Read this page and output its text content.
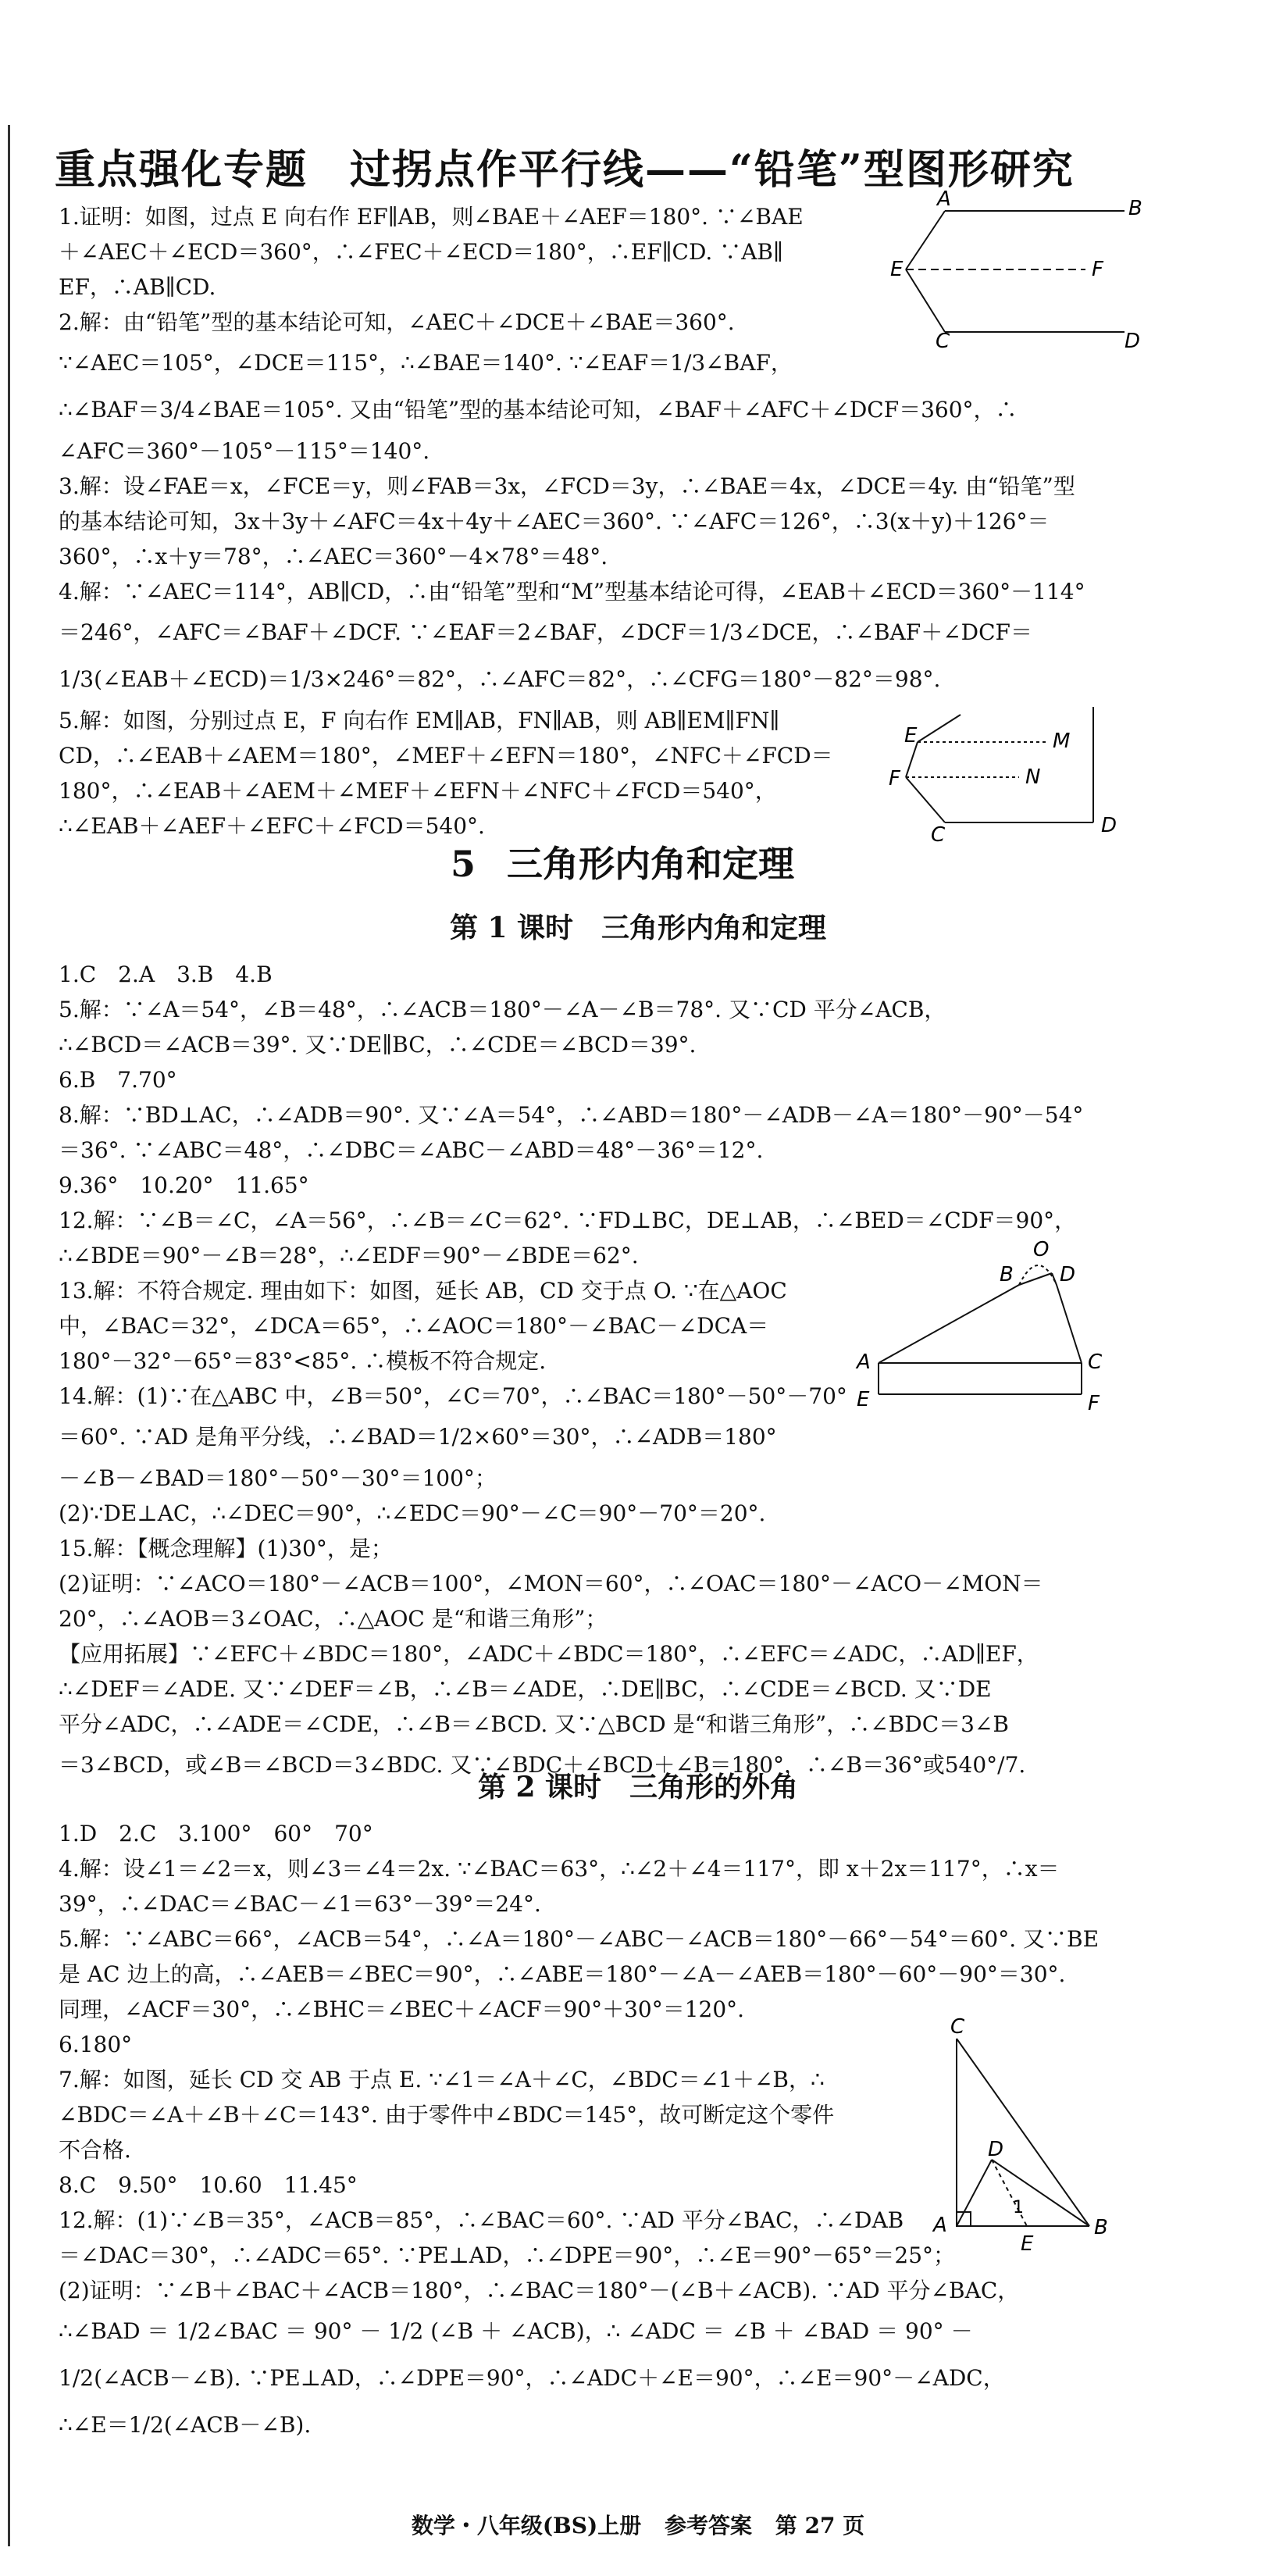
重点强化专题　过拐点作平行线——“铅笔”型图形研究
1.证明：如图，过点 E 向右作 EF∥AB，则∠BAE＋∠AEF＝180°. ∵∠BAE
＋∠AEC＋∠ECD＝360°，∴∠FEC＋∠ECD＝180°，∴EF∥CD. ∵AB∥
EF，∴AB∥CD.
2.解：由“铅笔”型的基本结论可知，∠AEC＋∠DCE＋∠BAE＝360°.
∵∠AEC＝105°，∠DCE＝115°，∴∠BAE＝140°. ∵∠EAF＝1/3∠BAF，
∴∠BAF＝3/4∠BAE＝105°. 又由“铅笔”型的基本结论可知，∠BAF＋∠AFC＋∠DCF＝360°，∴
∠AFC＝360°－105°－115°＝140°.
3.解：设∠FAE＝x，∠FCE＝y，则∠FAB＝3x，∠FCD＝3y，∴∠BAE＝4x，∠DCE＝4y. 由“铅笔”型
的基本结论可知，3x＋3y＋∠AFC＝4x＋4y＋∠AEC＝360°. ∵∠AFC＝126°，∴3(x＋y)＋126°＝
360°，∴x＋y＝78°，∴∠AEC＝360°－4×78°＝48°.
4.解：∵∠AEC＝114°，AB∥CD，∴由“铅笔”型和“M”型基本结论可得，∠EAB＋∠ECD＝360°－114°
＝246°，∠AFC＝∠BAF＋∠DCF. ∵∠EAF＝2∠BAF，∠DCF＝1/3∠DCE，∴∠BAF＋∠DCF＝
1/3(∠EAB＋∠ECD)＝1/3×246°＝82°，∴∠AFC＝82°，∴∠CFG＝180°－82°＝98°.
5.解：如图，分别过点 E，F 向右作 EM∥AB，FN∥AB，则 AB∥EM∥FN∥
CD，∴∠EAB＋∠AEM＝180°，∠MEF＋∠EFN＝180°，∠NFC＋∠FCD＝
180°，∴∠EAB＋∠AEM＋∠MEF＋∠EFN＋∠NFC＋∠FCD＝540°，
∴∠EAB＋∠AEF＋∠EFC＋∠FCD＝540°.
A	B
E	F
C	D
E	M
F	N
C	D
5 三角形内角和定理
第 1 课时　三角形内角和定理
1.C　2.A　3.B　4.B
5.解：∵∠A＝54°，∠B＝48°，∴∠ACB＝180°－∠A－∠B＝78°. 又∵CD 平分∠ACB，
∴∠BCD＝∠ACB＝39°. 又∵DE∥BC，∴∠CDE＝∠BCD＝39°.
6.B　7.70°
8.解：∵BD⊥AC，∴∠ADB＝90°. 又∵∠A＝54°，∴∠ABD＝180°－∠ADB－∠A＝180°－90°－54°
＝36°. ∵∠ABC＝48°，∴∠DBC＝∠ABC－∠ABD＝48°－36°＝12°.
9.36°　10.20°　11.65°
12.解：∵∠B＝∠C，∠A＝56°，∴∠B＝∠C＝62°. ∵FD⊥BC，DE⊥AB，∴∠BED＝∠CDF＝90°，
∴∠BDE＝90°－∠B＝28°，∴∠EDF＝90°－∠BDE＝62°.
13.解：不符合规定. 理由如下：如图，延长 AB，CD 交于点 O. ∵在△AOC
中，∠BAC＝32°，∠DCA＝65°，∴∠AOC＝180°－∠BAC－∠DCA＝
180°－32°－65°＝83°<85°. ∴模板不符合规定.
14.解：(1)∵在△ABC 中，∠B＝50°，∠C＝70°，∴∠BAC＝180°－50°－70°
＝60°. ∵AD 是角平分线，∴∠BAD＝1/2×60°＝30°，∴∠ADB＝180°
－∠B－∠BAD＝180°－50°－30°＝100°；
(2)∵DE⊥AC，∴∠DEC＝90°，∴∠EDC＝90°－∠C＝90°－70°＝20°.
15.解：【概念理解】(1)30°，是；
(2)证明：∵∠ACO＝180°－∠ACB＝100°，∠MON＝60°，∴∠OAC＝180°－∠ACO－∠MON＝
20°，∴∠AOB＝3∠OAC，∴△AOC 是“和谐三角形”；
【应用拓展】∵∠EFC＋∠BDC＝180°，∠ADC＋∠BDC＝180°，∴∠EFC＝∠ADC，∴AD∥EF，
∴∠DEF＝∠ADE. 又∵∠DEF＝∠B，∴∠B＝∠ADE，∴DE∥BC，∴∠CDE＝∠BCD. 又∵DE
平分∠ADC，∴∠ADE＝∠CDE，∴∠B＝∠BCD. 又∵△BCD 是“和谐三角形”，∴∠BDC＝3∠B
＝3∠BCD，或∠B＝∠BCD＝3∠BDC. 又∵∠BDC＋∠BCD＋∠B＝180°，∴∠B＝36°或540°/7.
B
O
D
A	C
E	F
第 2 课时　三角形的外角
1.D　2.C　3.100°　60°　70°
4.解：设∠1＝∠2＝x，则∠3＝∠4＝2x. ∵∠BAC＝63°，∴∠2＋∠4＝117°，即 x＋2x＝117°，∴x＝
39°，∴∠DAC＝∠BAC－∠1＝63°－39°＝24°.
5.解：∵∠ABC＝66°，∠ACB＝54°，∴∠A＝180°－∠ABC－∠ACB＝180°－66°－54°＝60°. 又∵BE
是 AC 边上的高，∴∠AEB＝∠BEC＝90°，∴∠ABE＝180°－∠A－∠AEB＝180°－60°－90°＝30°.
同理，∠ACF＝30°，∴∠BHC＝∠BEC＋∠ACF＝90°＋30°＝120°.
6.180°
7.解：如图，延长 CD 交 AB 于点 E. ∵∠1＝∠A＋∠C，∠BDC＝∠1＋∠B，∴
∠BDC＝∠A＋∠B＋∠C＝143°. 由于零件中∠BDC＝145°，故可断定这个零件
不合格.
8.C　9.50°　10.60　11.45°
12.解：(1)∵∠B＝35°，∠ACB＝85°，∴∠BAC＝60°. ∵AD 平分∠BAC，∴∠DAB
＝∠DAC＝30°，∴∠ADC＝65°. ∵PE⊥AD，∴∠DPE＝90°，∴∠E＝90°－65°＝25°；
(2)证明：∵∠B＋∠BAC＋∠ACB＝180°，∴∠BAC＝180°－(∠B＋∠ACB). ∵AD 平分∠BAC，
∴∠BAD ＝ 1/2∠BAC ＝ 90° － 1/2 (∠B ＋ ∠ACB)，∴ ∠ADC ＝ ∠B ＋ ∠BAD ＝ 90° －
1/2(∠ACB－∠B). ∵PE⊥AD，∴∠DPE＝90°，∴∠ADC＋∠E＝90°，∴∠E＝90°－∠ADC，
∴∠E＝1/2(∠ACB－∠B).
C
D
1
A
E
B
数学・八年级(BS)上册 参考答案 第 27 页
